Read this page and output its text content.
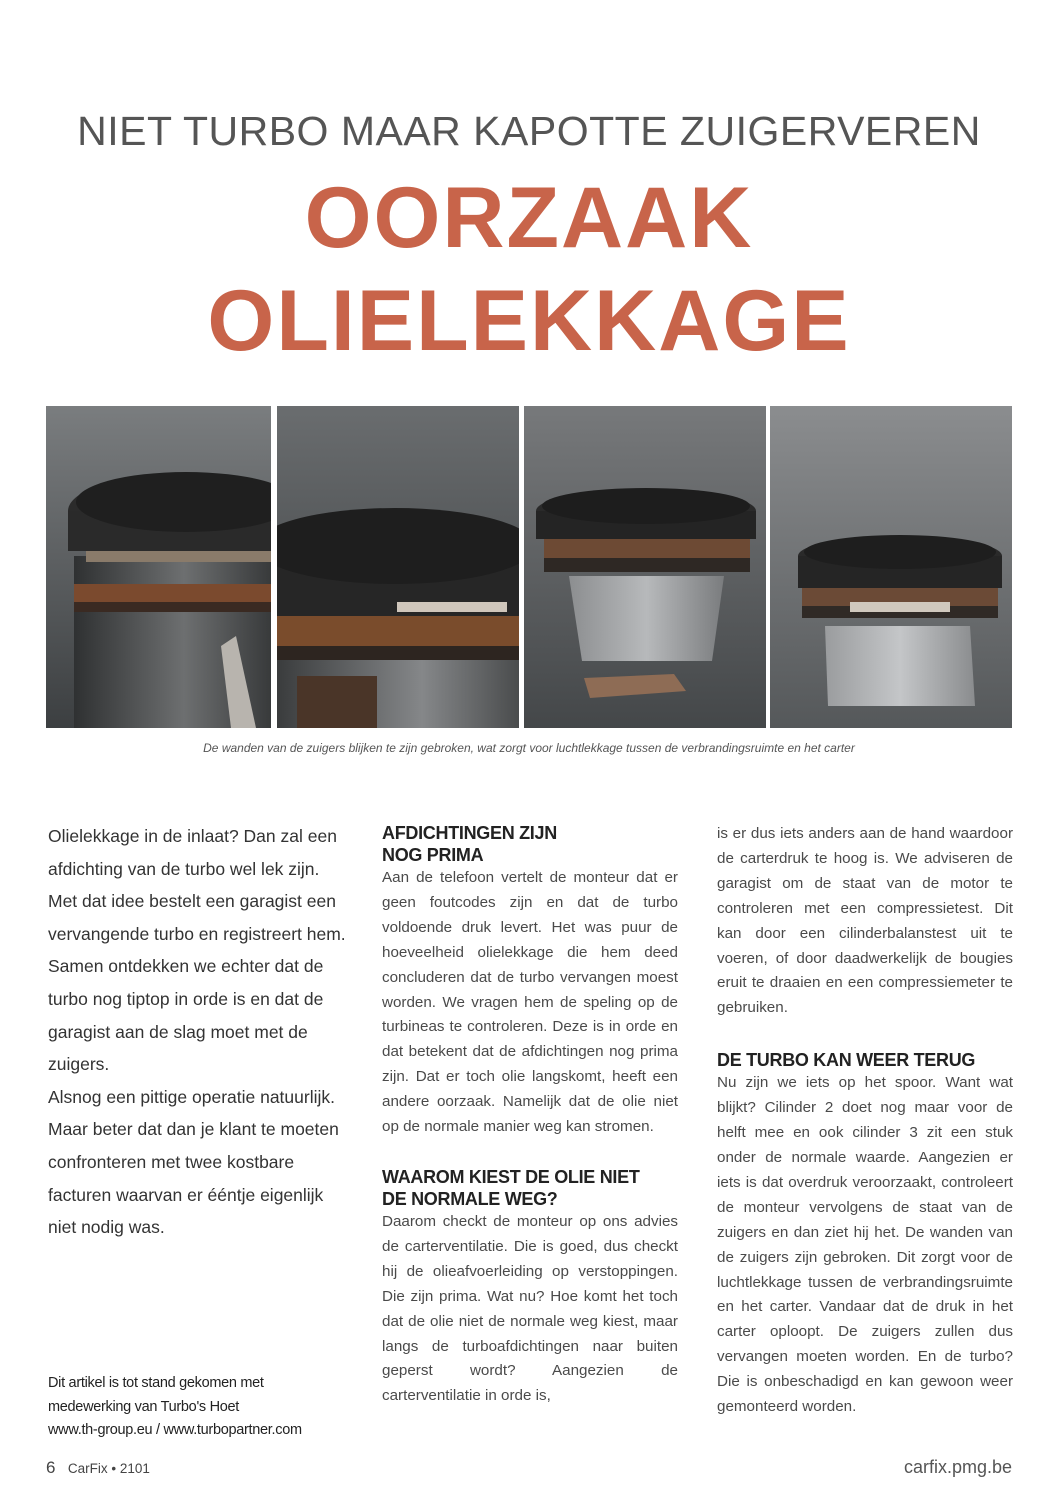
NIET TURBO MAAR KAPOTTE ZUIGERVEREN
OORZAAK
OLIELEKKAGE
De wanden van de zuigers blijken te zijn gebroken, wat zorgt voor luchtlekkage tussen de verbrandingsruimte en het carter

Olielekkage in de inlaat? Dan zal een afdichting van de turbo wel lek zijn. Met dat idee bestelt een garagist een vervangende turbo en registreert hem. Samen ontdekken we echter dat de turbo nog tiptop in orde is en dat de garagist aan de slag moet met de zuigers.

Alsnog een pittige operatie natuurlijk. Maar beter dat dan je klant te moeten confronteren met twee kostbare facturen waarvan er ééntje eigenlijk niet nodig was.

Dit artikel is tot stand gekomen met
medewerking van Turbo's Hoet
www.th-group.eu / www.turbopartner.com
AFDICHTINGEN ZIJN
NOG PRIMA

Aan de telefoon vertelt de monteur dat er geen foutcodes zijn en dat de turbo voldoende druk levert. Het was puur de hoeveelheid olielekkage die hem deed concluderen dat de turbo vervangen moest worden. We vragen hem de speling op de turbineas te controleren. Deze is in orde en dat betekent dat de afdichtingen nog prima zijn. Dat er toch olie langskomt, heeft een andere oorzaak. Namelijk dat de olie niet op de normale manier weg kan stromen.

WAAROM KIEST DE OLIE NIET
DE NORMALE WEG?

Daarom checkt de monteur op ons advies de carterventilatie. Die is goed, dus checkt hij de olieafvoerleiding op verstoppingen. Die zijn prima. Wat nu? Hoe komt het toch dat de olie niet de normale weg kiest, maar langs de turboafdichtingen naar buiten geperst wordt? Aangezien de carterventilatie in orde is,

is er dus iets anders aan de hand waardoor de carterdruk te hoog is. We adviseren de garagist om de staat van de motor te controleren met een compressietest. Dit kan door een cilinderbalanstest uit te voeren, of door daadwerkelijk de bougies eruit te draaien en een compressiemeter te gebruiken.

DE TURBO KAN WEER TERUG

Nu zijn we iets op het spoor. Want wat blijkt? Cilinder 2 doet nog maar voor de helft mee en ook cilinder 3 zit een stuk onder de normale waarde. Aangezien er iets is dat overdruk veroorzaakt, controleert de monteur vervolgens de staat van de zuigers en dan ziet hij het. De wanden van de zuigers zijn gebroken. Dit zorgt voor de luchtlekkage tussen de verbrandingsruimte en het carter. Vandaar dat de druk in het carter oploopt. De zuigers zullen dus vervangen moeten worden. En de turbo? Die is onbeschadigd en kan gewoon weer gemonteerd worden.

6 CarFix • 2101	carfix.pmg.be
